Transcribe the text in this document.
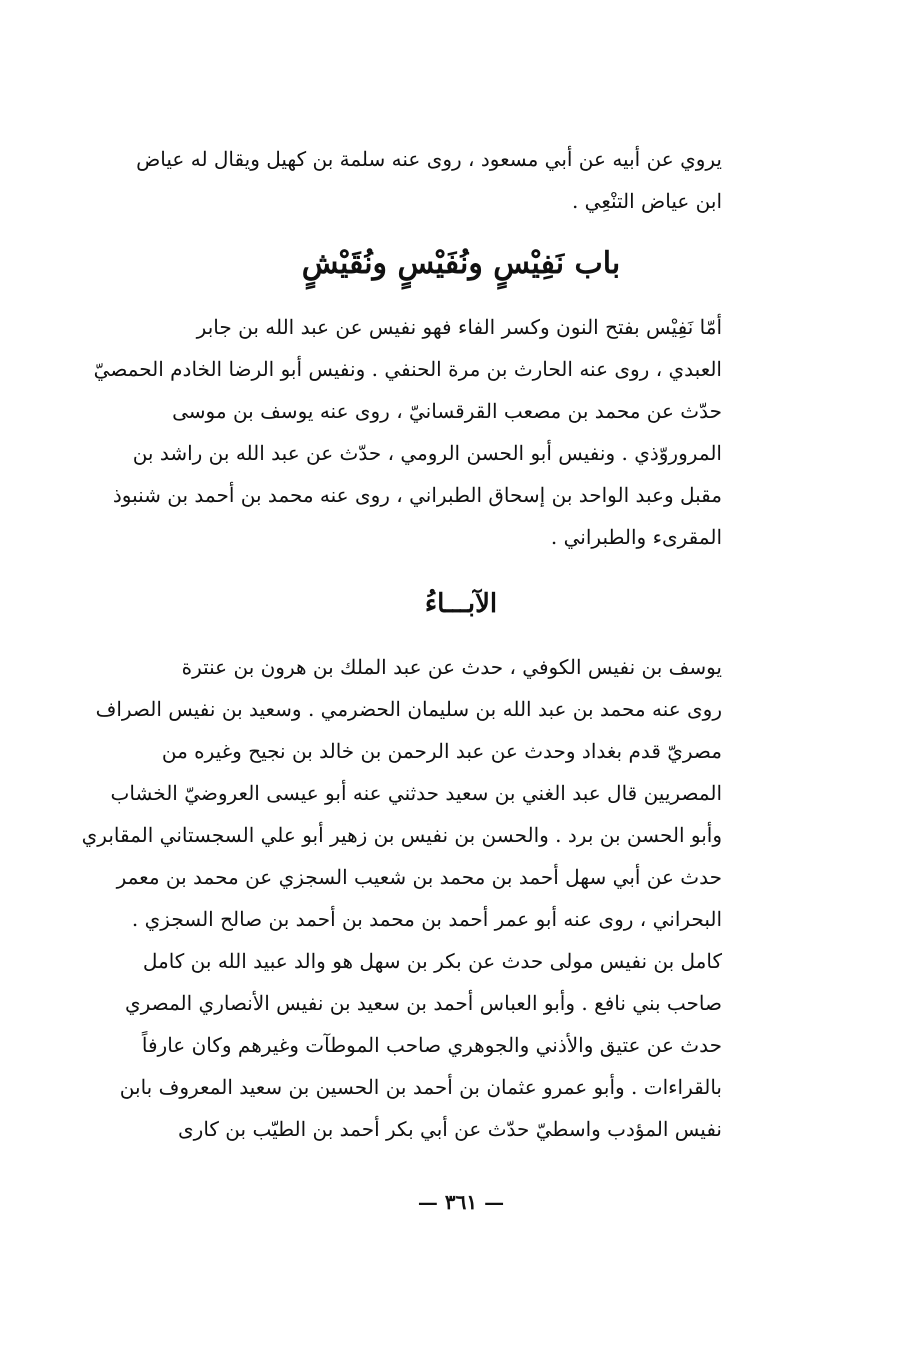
يروي عن أبيه عن أبي مسعود ، روى عنه سلمة بن كهيل ويقال له عياض
ابن عياض التنْعِي .
باب نَفِيْسٍ ونُفَيْسٍ ونُقَيْشٍ
أمّا نَفِيْس بفتح النون وكسر الفاء فهو نفيس عن عبد الله بن جابر
العبدي ، روى عنه الحارث بن مرة الحنفي . ونفيس أبو الرضا الخادم الحمصيّ
حدّث عن محمد بن مصعب القرقسانيّ ، روى عنه يوسف بن موسى
المروروّذي . ونفيس أبو الحسن الرومي ، حدّث عن عبد الله بن راشد بن
مقبل وعبد الواحد بن إسحاق الطبراني ، روى عنه محمد بن أحمد بن شنبوذ
المقرىء والطبراني .
الآبـــاءُ
يوسف بن نفيس الكوفي ، حدث عن عبد الملك بن هرون بن عنترة
روى عنه محمد بن عبد الله بن سليمان الحضرمي . وسعيد بن نفيس الصراف
مصريّ قدم بغداد وحدث عن عبد الرحمن بن خالد بن نجيح وغيره من
المصريين قال عبد الغني بن سعيد حدثني عنه أبو عيسى العروضيّ الخشاب
وأبو الحسن بن برد . والحسن بن نفيس بن زهير أبو علي السجستاني المقابري
حدث عن أبي سهل أحمد بن محمد بن شعيب السجزي عن محمد بن معمر
البحراني ، روى عنه أبو عمر أحمد بن محمد بن أحمد بن صالح السجزي .
كامل بن نفيس مولى حدث عن بكر بن سهل هو والد عبيد الله بن كامل
صاحب بني نافع . وأبو العباس أحمد بن سعيد بن نفيس الأنصاري المصري
حدث عن عتيق والأذني والجوهري صاحب الموطآت وغيرهم وكان عارفاً
بالقراءات . وأبو عمرو عثمان بن أحمد بن الحسين بن سعيد المعروف بابن
نفيس المؤدب واسطيّ حدّث عن أبي بكر أحمد بن الطيّب بن كارى
— ٣٦١ —
